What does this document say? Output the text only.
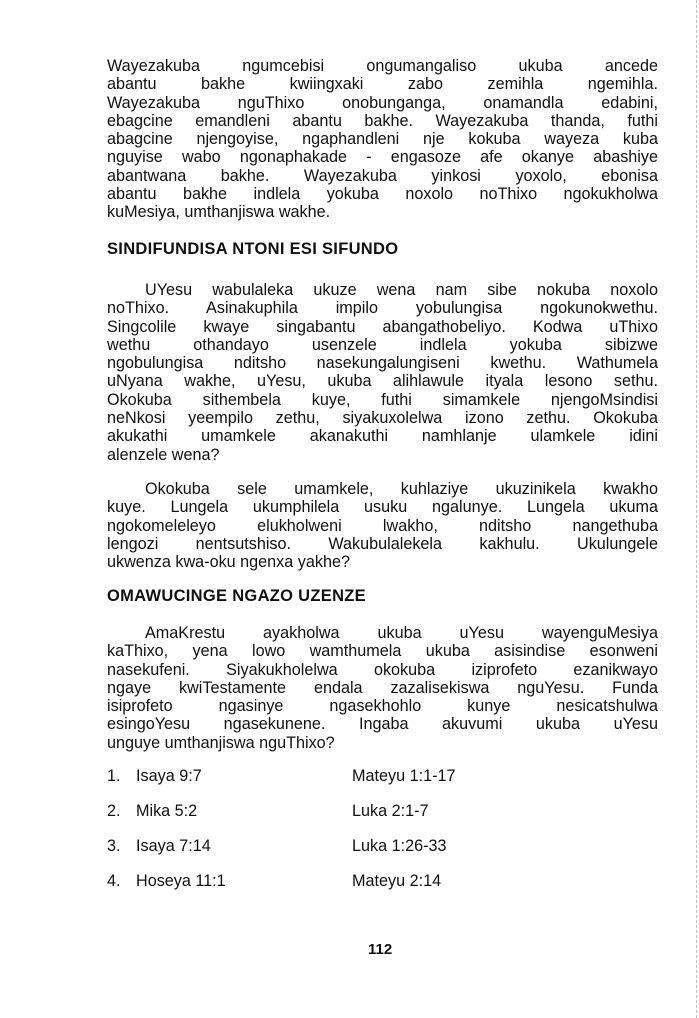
Wayezakuba ngumcebisi ongumangaliso ukuba ancede
abantu bakhe kwiingxaki zabo zemihla ngemihla.
Wayezakuba nguThixo onobunganga, onamandla edabini,
ebagcine emandleni abantu bakhe. Wayezakuba thanda, futhi
abagcine njengoyise, ngaphandleni nje kokuba wayeza kuba
nguyise wabo ngonaphakade - engasoze afe okanye abashiye
abantwana bakhe. Wayezakuba yinkosi yoxolo, ebonisa
abantu bakhe indlela yokuba noxolo noThixo ngokukholwa
kuMesiya, umthanjiswa wakhe.
SINDIFUNDISA NTONI ESI SIFUNDO
UYesu wabulaleka ukuze wena nam sibe nokuba noxolo
noThixo. Asinakuphila impilo yobulungisa ngokunokwethu.
Singcolile kwaye singabantu abangathobeliyo. Kodwa uThixo
wethu othandayo usenzele indlela yokuba sibizwe
ngobulungisa nditsho nasekungalungiseni kwethu. Wathumela
uNyana wakhe, uYesu, ukuba alihlawule ityala lesono sethu.
Okokuba sithembela kuye, futhi simamkele njengoMsindisi
neNkosi yeempilo zethu, siyakuxolelwa izono zethu. Okokuba
akukathi umamkele akanakuthi namhlanje ulamkele idini
alenzele wena?
Okokuba sele umamkele, kuhlaziye ukuzinikela kwakho
kuye. Lungela ukumphilela usuku ngalunye. Lungela ukuma
ngokomeleleyo elukholweni lwakho, nditsho nangethuba
lengozi nentsutshiso. Wakubulalekela kakhulu. Ukulungele
ukwenza kwa-oku ngenxa yakhe?
OMAWUCINGE NGAZO UZENZE
AmaKrestu ayakholwa ukuba uYesu wayenguMesiya
kaThixo, yena lowo wamthumela ukuba asisindise esonweni
nasekufeni. Siyakukholelwa okokuba iziprofeto ezanikwayo
ngaye kwiTestamente endala zazalisekiswa nguYesu. Funda
isiprofeto ngasinye ngasekhohlo kunye nesicatshulwa
esingoYesu ngasekunene. Ingaba akuvumi ukuba uYesu
unguye umthanjiswa nguThixo?
1. Isaya 9:7	Mateyu 1:1-17
2. Mika 5:2	Luka 2:1-7
3. Isaya 7:14	Luka 1:26-33
4. Hoseya 11:1	Mateyu 2:14
112
